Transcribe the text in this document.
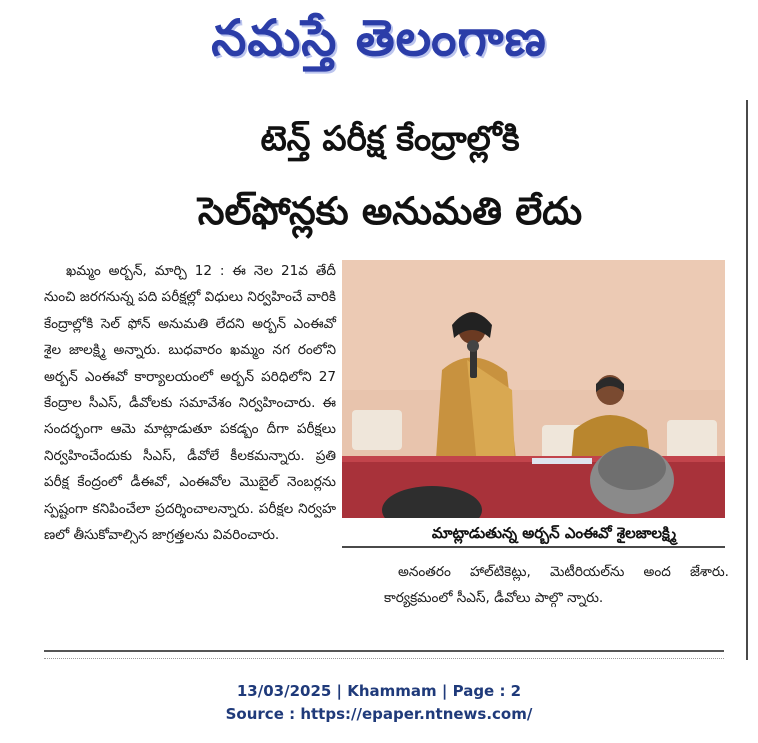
నమస్తే తెలంగాణ
టెన్త్ పరీక్ష కేంద్రాల్లోకి
సెల్‌ఫోన్లకు అనుమతి లేదు

ఖమ్మం అర్బన్, మార్చి 12 : ఈ నెల 21వ తేదీ నుంచి జరగనున్న పది పరీక్షల్లో విధులు నిర్వహించే వారికి కేంద్రాల్లోకి సెల్ ఫోన్ అనుమతి లేదని అర్బన్ ఎంఈవో శైల జాలక్ష్మి అన్నారు. బుధవారం ఖమ్మం నగ రంలోని అర్బన్ ఎంఈవో కార్యాలయంలో అర్బన్ పరిధిలోని 27 కేంద్రాల సీఎస్, డీవోలకు సమావేశం నిర్వహించారు. ఈ సందర్భంగా ఆమె మాట్లాడుతూ పకడ్బం దీగా పరీక్షలు నిర్వహించేందుకు సీఎస్, డీవోలే కీలకమన్నారు. ప్రతి పరీక్ష కేంద్రంలో డీఈవో, ఎంఈవోల మొబైల్ నెంబర్లను స్పష్టంగా కనిపించేలా ప్రదర్శించాలన్నారు. పరీక్షల నిర్వహ ణలో తీసుకోవాల్సిన జాగ్రత్తలను వివరించారు.	మాట్లాడుతున్న అర్బన్ ఎంఈవో శైలజాలక్ష్మి

అనంతరం హాల్‌టికెట్లు, మెటీరియల్‌ను అంద జేశారు. కార్యక్రమంలో సీఎస్, డీవోలు పాల్గొ న్నారు.

13/03/2025 | Khammam | Page : 2
Source : https://epaper.ntnews.com/
